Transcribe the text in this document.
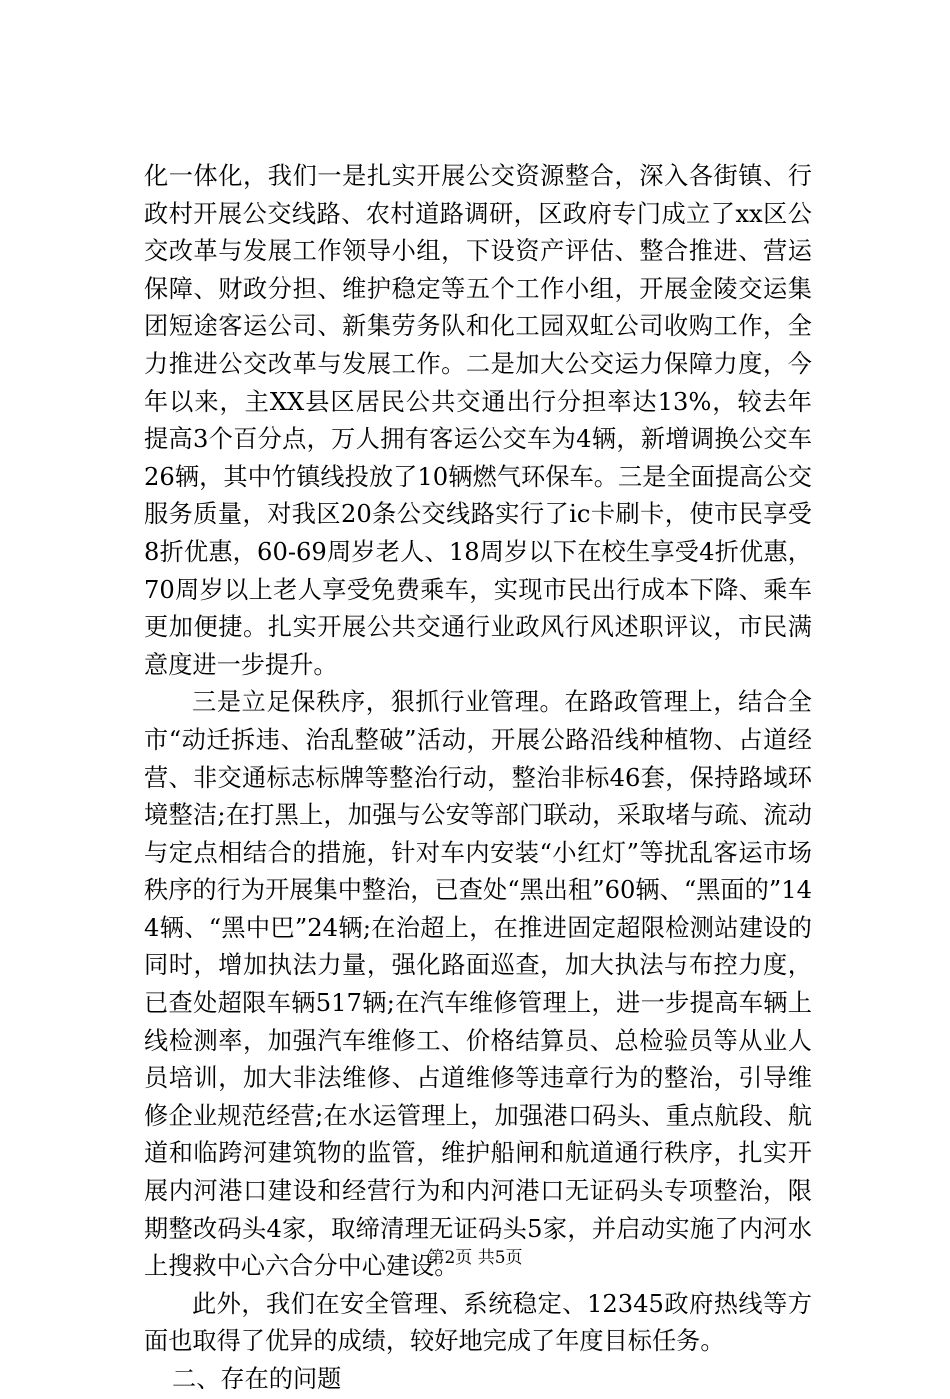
化一体化，我们一是扎实开展公交资源整合，深入各街镇、行政村开展公交线路、农村道路调研，区政府专门成立了xx区公交改革与发展工作领导小组，下设资产评估、整合推进、营运保障、财政分担、维护稳定等五个工作小组，开展金陵交运集团短途客运公司、新集劳务队和化工园双虹公司收购工作，全力推进公交改革与发展工作。二是加大公交运力保障力度，今年以来，主XX县区居民公共交通出行分担率达13%，较去年提高3个百分点，万人拥有客运公交车为4辆，新增调换公交车26辆，其中竹镇线投放了10辆燃气环保车。三是全面提高公交服务质量，对我区20条公交线路实行了ic卡刷卡，使市民享受8折优惠，60-69周岁老人、18周岁以下在校生享受4折优惠，70周岁以上老人享受免费乘车，实现市民出行成本下降、乘车更加便捷。扎实开展公共交通行业政风行风述职评议，市民满意度进一步提升。

三是立足保秩序，狠抓行业管理。在路政管理上，结合全市“动迁拆违、治乱整破”活动，开展公路沿线种植物、占道经营、非交通标志标牌等整治行动，整治非标46套，保持路域环境整洁;在打黑上，加强与公安等部门联动，采取堵与疏、流动与定点相结合的措施，针对车内安装“小红灯”等扰乱客运市场秩序的行为开展集中整治，已查处“黑出租”60辆、“黑面的”144辆、“黑中巴”24辆;在治超上，在推进固定超限检测站建设的同时，增加执法力量，强化路面巡查，加大执法与布控力度，已查处超限车辆517辆;在汽车维修管理上，进一步提高车辆上线检测率，加强汽车维修工、价格结算员、总检验员等从业人员培训，加大非法维修、占道维修等违章行为的整治，引导维修企业规范经营;在水运管理上，加强港口码头、重点航段、航道和临跨河建筑物的监管，维护船闸和航道通行秩序，扎实开展内河港口建设和经营行为和内河港口无证码头专项整治，限期整改码头4家，取缔清理无证码头5家，并启动实施了内河水上搜救中心六合分中心建设。

此外，我们在安全管理、系统稳定、12345政府热线等方面也取得了优异的成绩，较好地完成了年度目标任务。

二、存在的问题

第2页 共5页
